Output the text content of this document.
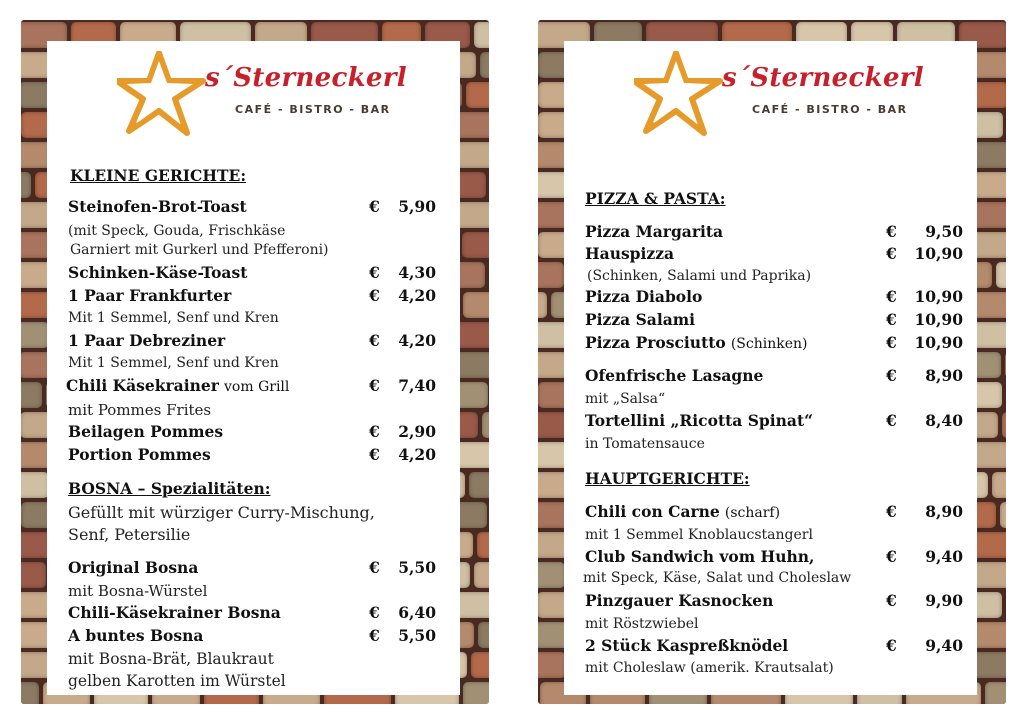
s´Sterneckerl
CAFÉ - BISTRO - BAR
KLEINE GERICHTE:
Steinofen-Brot-Toast	€	5,90
(mit Speck, Gouda, Frischkäse
Garniert mit Gurkerl und Pfefferoni)
Schinken-Käse-Toast	€	4,30
1 Paar Frankfurter	€	4,20
Mit 1 Semmel, Senf und Kren
1 Paar Debreziner	€	4,20
Mit 1 Semmel, Senf und Kren
Chili Käsekrainer vom Grill	€	7,40
mit Pommes Frites
Beilagen Pommes	€	2,90
Portion Pommes	€	4,20
BOSNA – Spezialitäten:
Gefüllt mit würziger Curry-Mischung,
Senf, Petersilie
Original Bosna	€	5,50
mit Bosna-Würstel
Chili-Käsekrainer Bosna	€	6,40
A buntes Bosna	€	5,50
mit Bosna-Brät, Blaukraut
gelben Karotten im Würstel
s´Sterneckerl
CAFÉ - BISTRO - BAR
PIZZA & PASTA:
Pizza Margarita	€	9,50
Hauspizza	€	10,90
(Schinken, Salami und Paprika)
Pizza Diabolo	€	10,90
Pizza Salami	€	10,90
Pizza Prosciutto (Schinken)	€	10,90
Ofenfrische Lasagne	€	8,90
mit „Salsa“
Tortellini „Ricotta Spinat“	€	8,40
in Tomatensauce
HAUPTGERICHTE:
Chili con Carne (scharf)	€	8,90
mit 1 Semmel Knoblaucstangerl
Club Sandwich vom Huhn,	€	9,40
mit Speck, Käse, Salat und Choleslaw
Pinzgauer Kasnocken	€	9,90
mit Röstzwiebel
2 Stück Kaspreßknödel	€	9,40
mit Choleslaw (amerik. Krautsalat)
